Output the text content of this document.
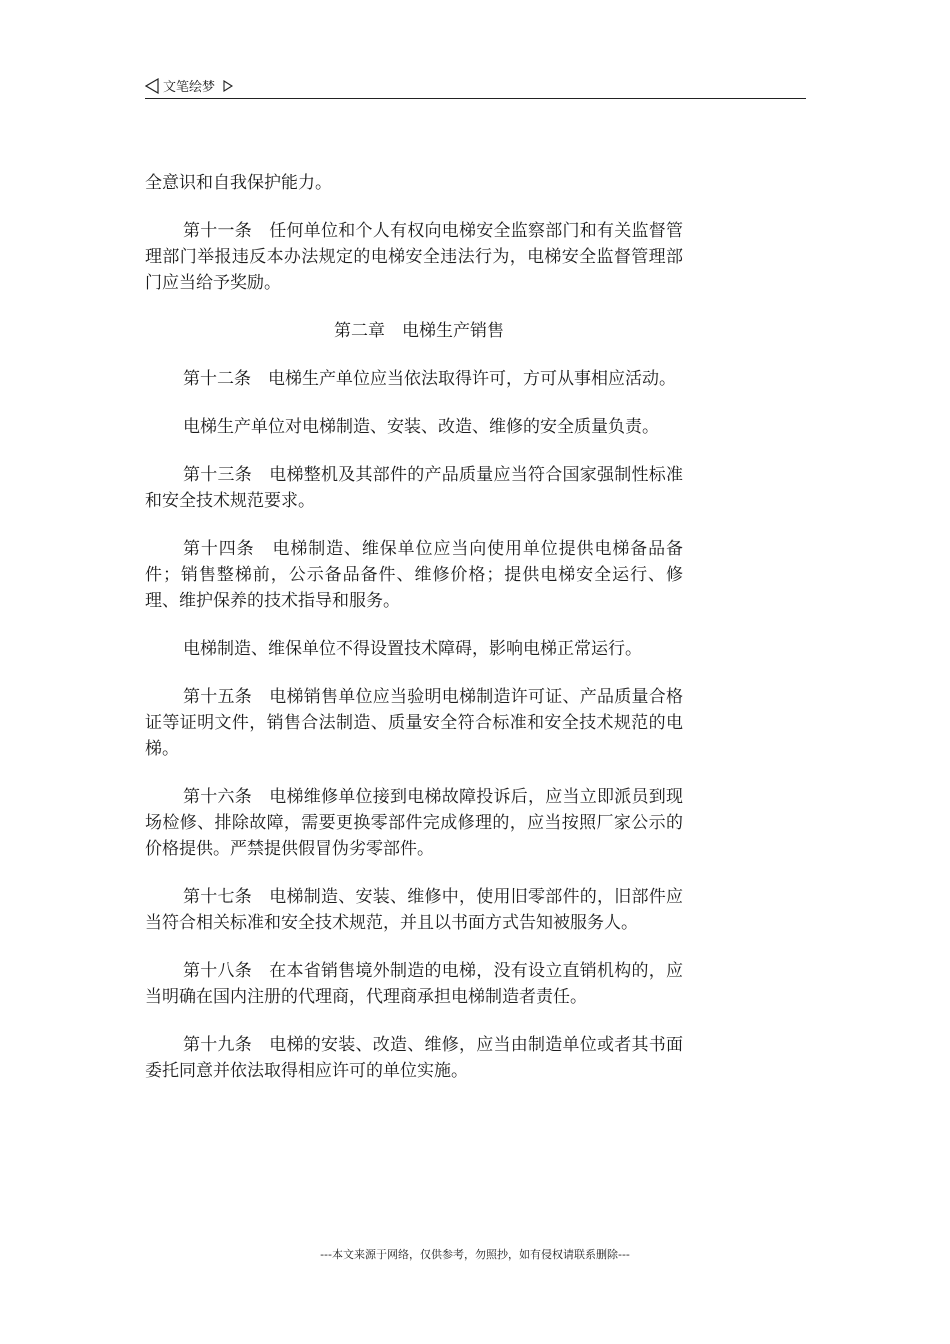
文笔绘梦

全意识和自我保护能力。

第十一条　任何单位和个人有权向电梯安全监察部门和有关监督管理部门举报违反本办法规定的电梯安全违法行为，电梯安全监督管理部门应当给予奖励。

第二章　电梯生产销售

第十二条　电梯生产单位应当依法取得许可，方可从事相应活动。

电梯生产单位对电梯制造、安装、改造、维修的安全质量负责。

第十三条　电梯整机及其部件的产品质量应当符合国家强制性标准和安全技术规范要求。

第十四条　电梯制造、维保单位应当向使用单位提供电梯备品备件；销售整梯前，公示备品备件、维修价格；提供电梯安全运行、修理、维护保养的技术指导和服务。

电梯制造、维保单位不得设置技术障碍，影响电梯正常运行。

第十五条　电梯销售单位应当验明电梯制造许可证、产品质量合格证等证明文件，销售合法制造、质量安全符合标准和安全技术规范的电梯。

第十六条　电梯维修单位接到电梯故障投诉后，应当立即派员到现场检修、排除故障，需要更换零部件完成修理的，应当按照厂家公示的价格提供。严禁提供假冒伪劣零部件。

第十七条　电梯制造、安装、维修中，使用旧零部件的，旧部件应当符合相关标准和安全技术规范，并且以书面方式告知被服务人。

第十八条　在本省销售境外制造的电梯，没有设立直销机构的，应当明确在国内注册的代理商，代理商承担电梯制造者责任。

第十九条　电梯的安装、改造、维修，应当由制造单位或者其书面委托同意并依法取得相应许可的单位实施。

---本文来源于网络，仅供参考，勿照抄，如有侵权请联系删除---
